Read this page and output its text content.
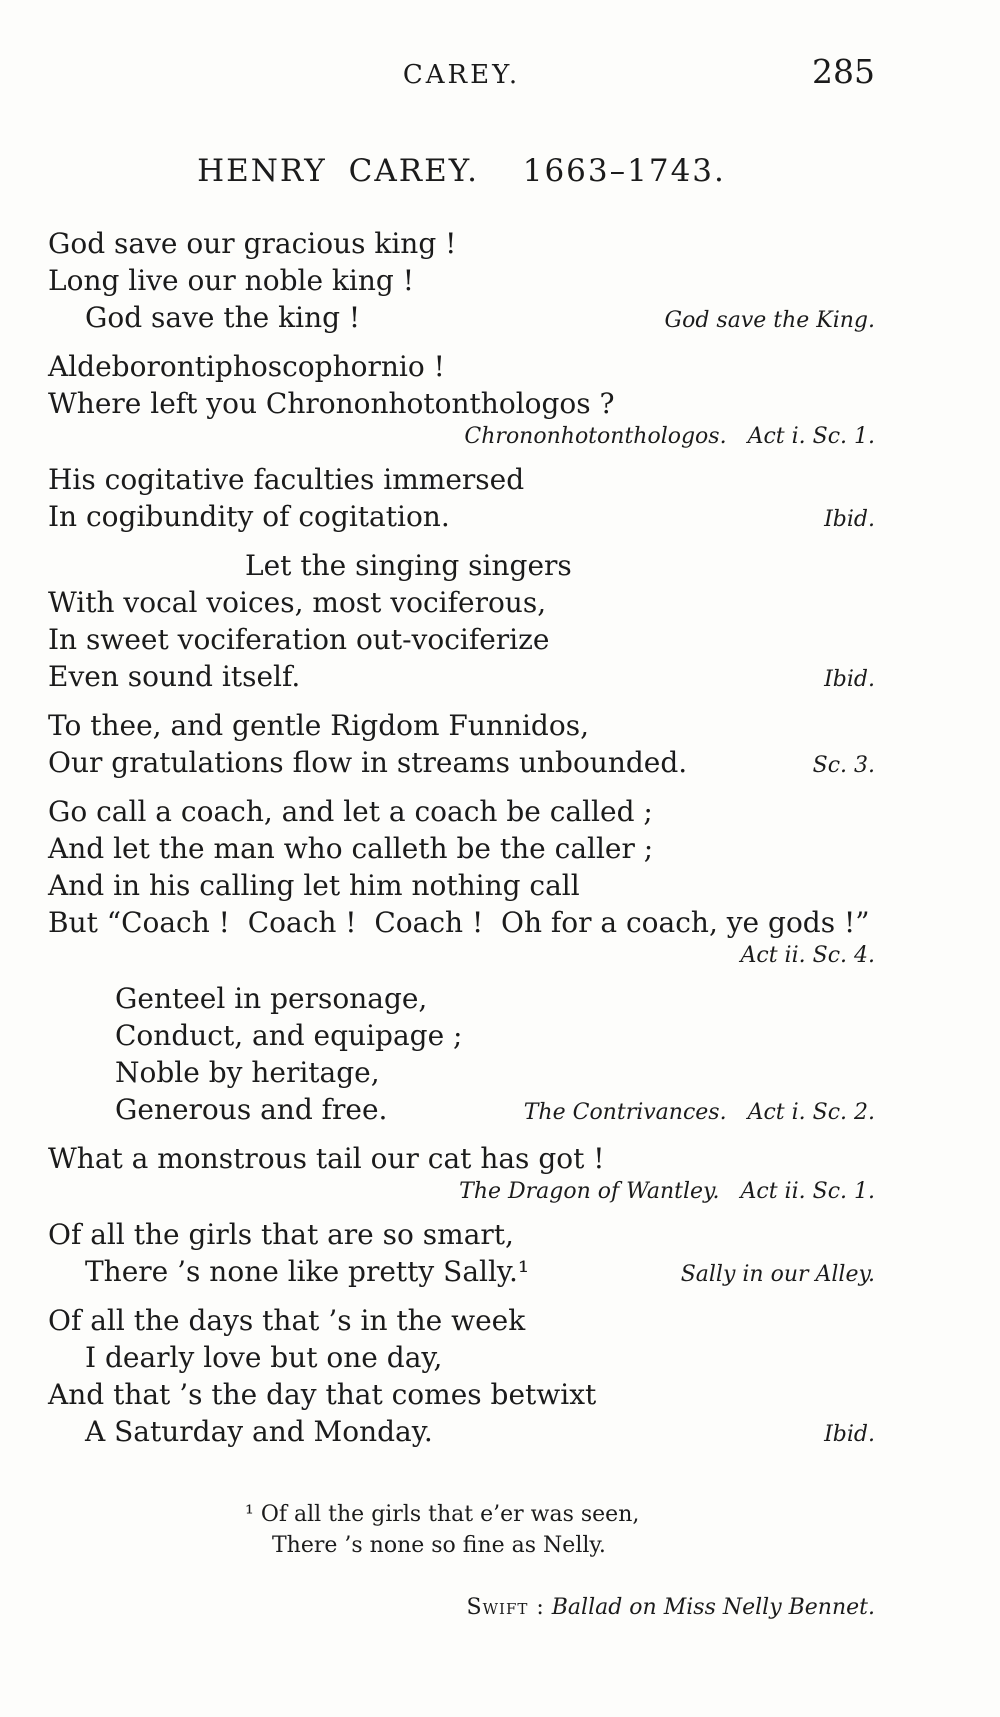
CAREY.	285
HENRY CAREY.  1663–1743.
God save our gracious king !
Long live our noble king !
God save the king !	God save the King.
Aldeborontiphoscophornio !
Where left you Chrononhotonthologos ?
Chrononhotonthologos.   Act i. Sc. 1.
His cogitative faculties immersed
In cogibundity of cogitation.	Ibid.
Let the singing singers
With vocal voices, most vociferous,
In sweet vociferation out-vociferize
Even sound itself.	Ibid.
To thee, and gentle Rigdom Funnidos,
Our gratulations flow in streams unbounded.	Sc. 3.
Go call a coach, and let a coach be called ;
And let the man who calleth be the caller ;
And in his calling let him nothing call
But “Coach !  Coach !  Coach !  Oh for a coach, ye gods !”
Act ii. Sc. 4.
Genteel in personage,
Conduct, and equipage ;
Noble by heritage,
Generous and free.	The Contrivances.   Act i. Sc. 2.
What a monstrous tail our cat has got !
The Dragon of Wantley.   Act ii. Sc. 1.
Of all the girls that are so smart,
There ’s none like pretty Sally.¹	Sally in our Alley.
Of all the days that ’s in the week
I dearly love but one day,
And that ’s the day that comes betwixt
A Saturday and Monday.	Ibid.
¹ Of all the girls that e’er was seen,
There ’s none so fine as Nelly.

Swift : Ballad on Miss Nelly Bennet.
